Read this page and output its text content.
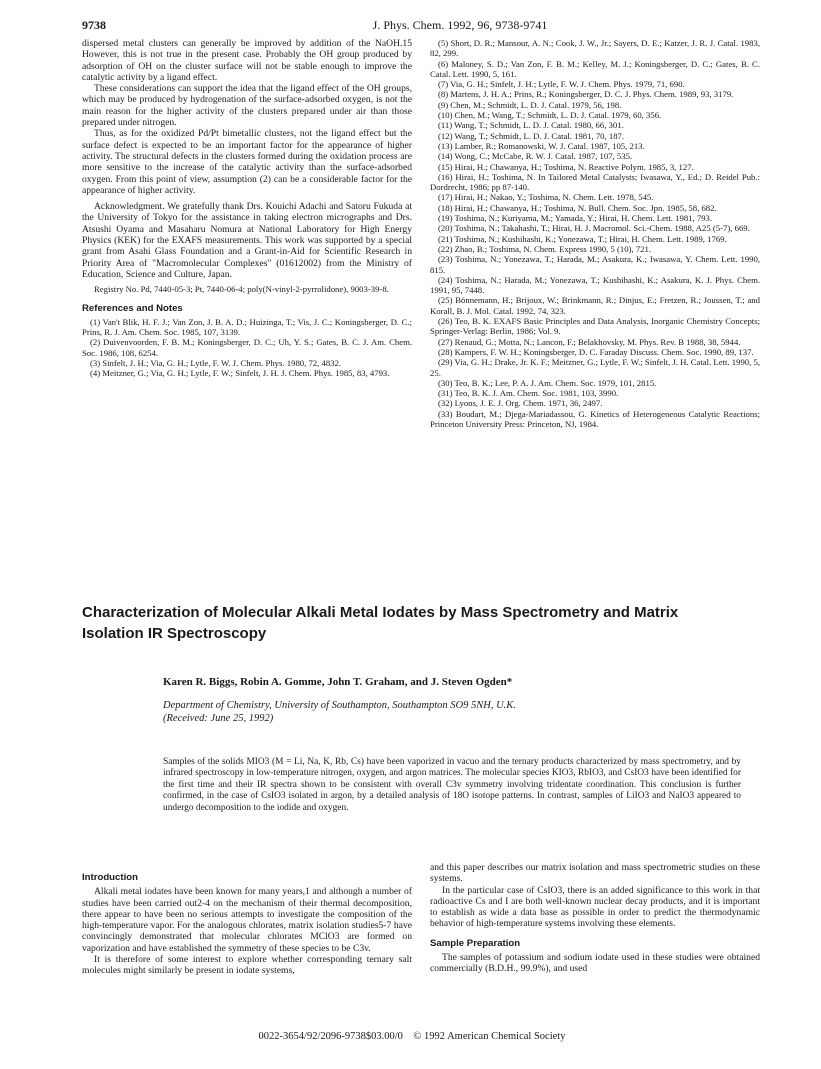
9738	J. Phys. Chem. 1992, 96, 9738-9741

dispersed metal clusters can generally be improved by addition of the NaOH.15 However, this is not true in the present case. Probably the OH group produced by adsorption of OH on the cluster surface will not be stable enough to improve the catalytic activity by a ligand effect.

These considerations can support the idea that the ligand effect of the OH groups, which may be produced by hydrogenation of the surface-adsorbed oxygen, is not the main reason for the higher activity of the clusters prepared under air than those prepared under nitrogen.

Thus, as for the oxidized Pd/Pt bimetallic clusters, not the ligand effect but the surface defect is expected to be an important factor for the appearance of higher activity. The structural defects in the clusters formed during the oxidation process are more sensitive to the increase of the catalytic activity than the surface-adsorbed oxygen. From this point of view, assumption (2) can be a considerable factor for the appearance of higher activity.

Acknowledgment. We gratefully thank Drs. Kouichi Adachi and Satoru Fukuda at the University of Tokyo for the assistance in taking electron micrographs and Drs. Atsushi Oyama and Masaharu Nomura at National Laboratory for High Energy Physics (KEK) for the EXAFS measurements. This work was supported by a special grant from Asahi Glass Foundation and a Grant-in-Aid for Scientific Research in Priority Area of "Macromolecular Complexes" (01612002) from the Ministry of Education, Science and Culture, Japan.

Registry No. Pd, 7440-05-3; Pt, 7440-06-4; poly(N-vinyl-2-pyrrolidone), 9003-39-8.

References and Notes

(1) Van't Blik, H. F. J.; Van Zon, J. B. A. D.; Huizinga, T.; Vis, J. C.; Koningsberger, D. C.; Prins, R. J. Am. Chem. Soc. 1985, 107, 3139.

(2) Duivenvoorden, F. B. M.; Koningsberger, D. C.; Uh, Y. S.; Gates, B. C. J. Am. Chem. Soc. 1986, 108, 6254.

(3) Sinfelt, J. H.; Via, G. H.; Lytle, F. W. J. Chem. Phys. 1980, 72, 4832.

(4) Meitzner, G.; Via, G. H.; Lytle, F. W.; Sinfelt, J. H. J. Chem. Phys. 1985, 83, 4793.

(5) Short, D. R.; Mansour, A. N.; Cook, J. W., Jr.; Sayers, D. E.; Katzer, J. R. J. Catal. 1983, 82, 299.

(6) Maloney, S. D.; Van Zon, F. B. M.; Kelley, M. J.; Koningsberger, D. C.; Gates, B. C. Catal. Lett. 1990, 5, 161.

(7) Via, G. H.; Sinfelt, J. H.; Lytle, F. W. J. Chem. Phys. 1979, 71, 690.

(8) Martens, J. H. A.; Prins, R.; Koningsberger, D. C. J. Phys. Chem. 1989, 93, 3179.

(9) Chen, M.; Schmidt, L. D. J. Catal. 1979, 56, 198.

(10) Chen, M.; Wang, T.; Schmidt, L. D. J. Catal. 1979, 60, 356.

(11) Wang, T.; Schmidt, L. D. J. Catal. 1980, 66, 301.

(12) Wang, T.; Schmidt, L. D. J. Catal. 1981, 70, 187.

(13) Lamber, R.; Romanowski, W. J. Catal. 1987, 105, 213.

(14) Wong, C.; McCabe, R. W. J. Catal. 1987, 107, 535.

(15) Hirai, H.; Chawanya, H.; Toshima, N. Reactive Polym. 1985, 3, 127.

(16) Hirai, H.; Toshima, N. In Tailored Metal Catalysts; Iwasawa, Y., Ed.; D. Reidel Pub.: Dordrecht, 1986; pp 87-140.

(17) Hirai, H.; Nakao, Y.; Toshima, N. Chem. Lett. 1978, 545.

(18) Hirai, H.; Chawanya, H.; Toshima, N. Bull. Chem. Soc. Jpn. 1985, 58, 682.

(19) Toshima, N.; Kuriyama, M.; Yamada, Y.; Hirai, H. Chem. Lett. 1981, 793.

(20) Toshima, N.; Takahashi, T.; Hirai, H. J. Macromol. Sci.-Chem. 1988, A25 (5-7), 669.

(21) Toshima, N.; Kushihashi, K.; Yonezawa, T.; Hirai, H. Chem. Lett. 1989, 1769.

(22) Zhao, B.; Toshima, N. Chem. Express 1990, 5 (10), 721.

(23) Toshima, N.; Yonezawa, T.; Harada, M.; Asakura, K.; Iwasawa, Y. Chem. Lett. 1990, 815.

(24) Toshima, N.; Harada, M.; Yonezawa, T.; Kushihashi, K.; Asakura, K. J. Phys. Chem. 1991, 95, 7448.

(25) Bönnemann, H.; Brijoux, W.; Brinkmann, R.; Dinjus, E.; Fretzen, R.; Joussen, T.; and Korall, B. J. Mol. Catal. 1992, 74, 323.

(26) Teo, B. K. EXAFS Basic Principles and Data Analysis, Inorganic Chemistry Concepts; Springer-Verlag: Berlin, 1986; Vol. 9.

(27) Renaud, G.; Motta, N.; Lancon, F.; Belakhovsky, M. Phys. Rev. B 1988, 38, 5944.

(28) Kampers, F. W. H.; Koningsberger, D. C. Faraday Discuss. Chem. Soc. 1990, 89, 137.

(29) Via, G. H.; Drake, Jr. K. F.; Meitzner, G.; Lytle, F. W.; Sinfelt, J. H. Catal. Lett. 1990, 5, 25.

(30) Teo, B. K.; Lee, P. A. J. Am. Chem. Soc. 1979, 101, 2815.

(31) Teo, B. K. J. Am. Chem. Soc. 1981, 103, 3990.

(32) Lyons, J. E. J. Org. Chem. 1971, 36, 2497.

(33) Boudart, M.; Djega-Mariadassou, G. Kinetics of Heterogeneous Catalytic Reactions; Princeton University Press: Princeton, NJ, 1984.

Characterization of Molecular Alkali Metal Iodates by Mass Spectrometry and Matrix Isolation IR Spectroscopy
Karen R. Biggs, Robin A. Gomme, John T. Graham, and J. Steven Ogden*
Department of Chemistry, University of Southampton, Southampton SO9 5NH, U.K.
(Received: June 25, 1992)
Samples of the solids MIO3 (M = Li, Na, K, Rb, Cs) have been vaporized in vacuo and the ternary products characterized by mass spectrometry, and by infrared spectroscopy in low-temperature nitrogen, oxygen, and argon matrices. The molecular species KIO3, RbIO3, and CsIO3 have been identified for the first time and their IR spectra shown to be consistent with overall C3v symmetry involving tridentate coordination. This conclusion is further confirmed, in the case of CsIO3 isolated in argon, by a detailed analysis of 18O isotope patterns. In contrast, samples of LiIO3 and NaIO3 appeared to undergo decomposition to the iodide and oxygen.
Introduction

Alkali metal iodates have been known for many years,1 and although a number of studies have been carried out2-4 on the mechanism of their thermal decomposition, there appear to have been no serious attempts to investigate the composition of the high-temperature vapor. For the analogous chlorates, matrix isolation studies5-7 have convincingly demonstrated that molecular chlorates MClO3 are formed on vaporization and have established the symmetry of these species to be C3v.

It is therefore of some interest to explore whether corresponding ternary salt molecules might similarly be present in iodate systems,

and this paper describes our matrix isolation and mass spectrometric studies on these systems.

In the particular case of CsIO3, there is an added significance to this work in that radioactive Cs and I are both well-known nuclear decay products, and it is important to establish as wide a data base as possible in order to predict the thermodynamic behavior of high-temperature systems involving these elements.

Sample Preparation

The samples of potassium and sodium iodate used in these studies were obtained commercially (B.D.H., 99.9%), and used

0022-3654/92/2096-9738$03.00/0 © 1992 American Chemical Society
